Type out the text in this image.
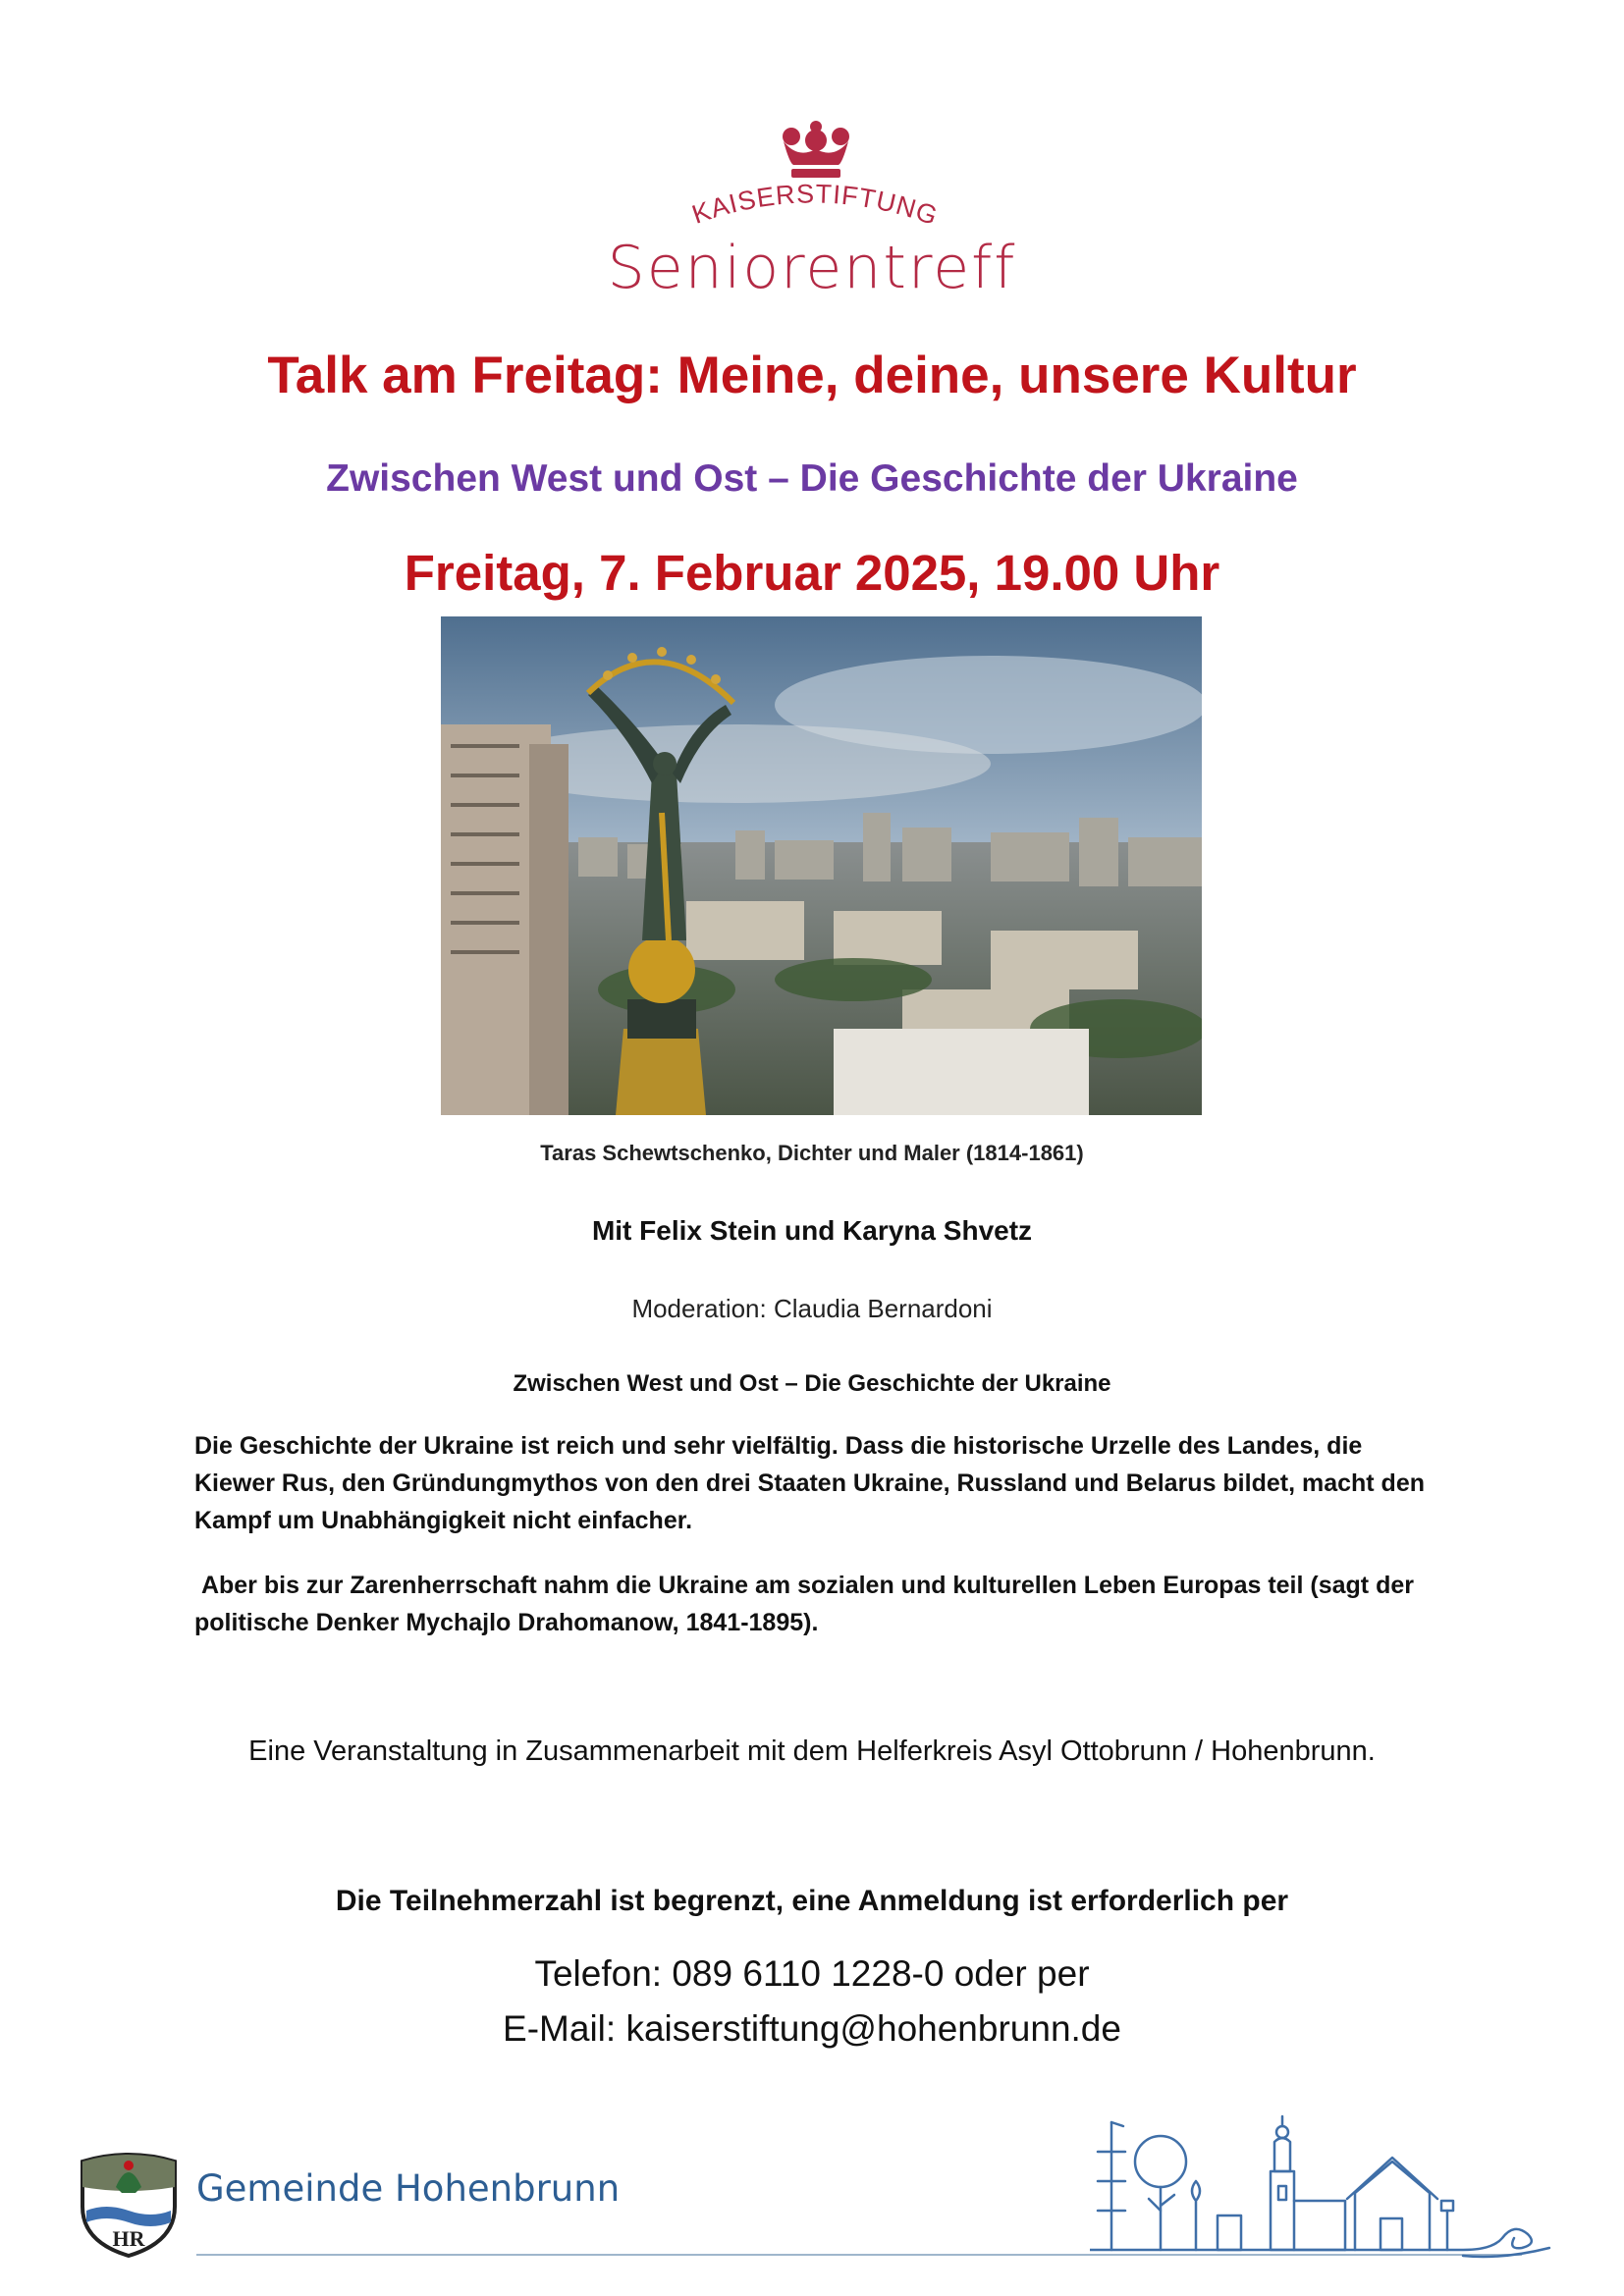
KAISERSTIFTUNG
Seniorentreff
Talk am Freitag: Meine, deine, unsere Kultur
Zwischen West und Ost – Die Geschichte der Ukraine
Freitag, 7. Februar 2025, 19.00 Uhr
Taras Schewtschenko, Dichter und Maler (1814-1861)
Mit Felix Stein und Karyna Shvetz
Moderation: Claudia Bernardoni
Zwischen West und Ost – Die Geschichte der Ukraine
Die Geschichte der Ukraine ist reich und sehr vielfältig. Dass die historische Urzelle des Landes, die Kiewer Rus, den Gründungmythos von den drei Staaten Ukraine, Russland und Belarus bildet, macht den Kampf um Unabhängigkeit nicht einfacher.
Aber bis zur Zarenherrschaft nahm die Ukraine am sozialen und kulturellen Leben Europas teil (sagt der politische Denker Mychajlo Drahomanow, 1841-1895).
Eine Veranstaltung in Zusammenarbeit mit dem Helferkreis Asyl Ottobrunn / Hohenbrunn.
Die Teilnehmerzahl ist begrenzt, eine Anmeldung ist erforderlich per
Telefon: 089 6110 1228-0 oder per
E-Mail: kaiserstiftung@hohenbrunn.de
HR
Gemeinde Hohenbrunn
